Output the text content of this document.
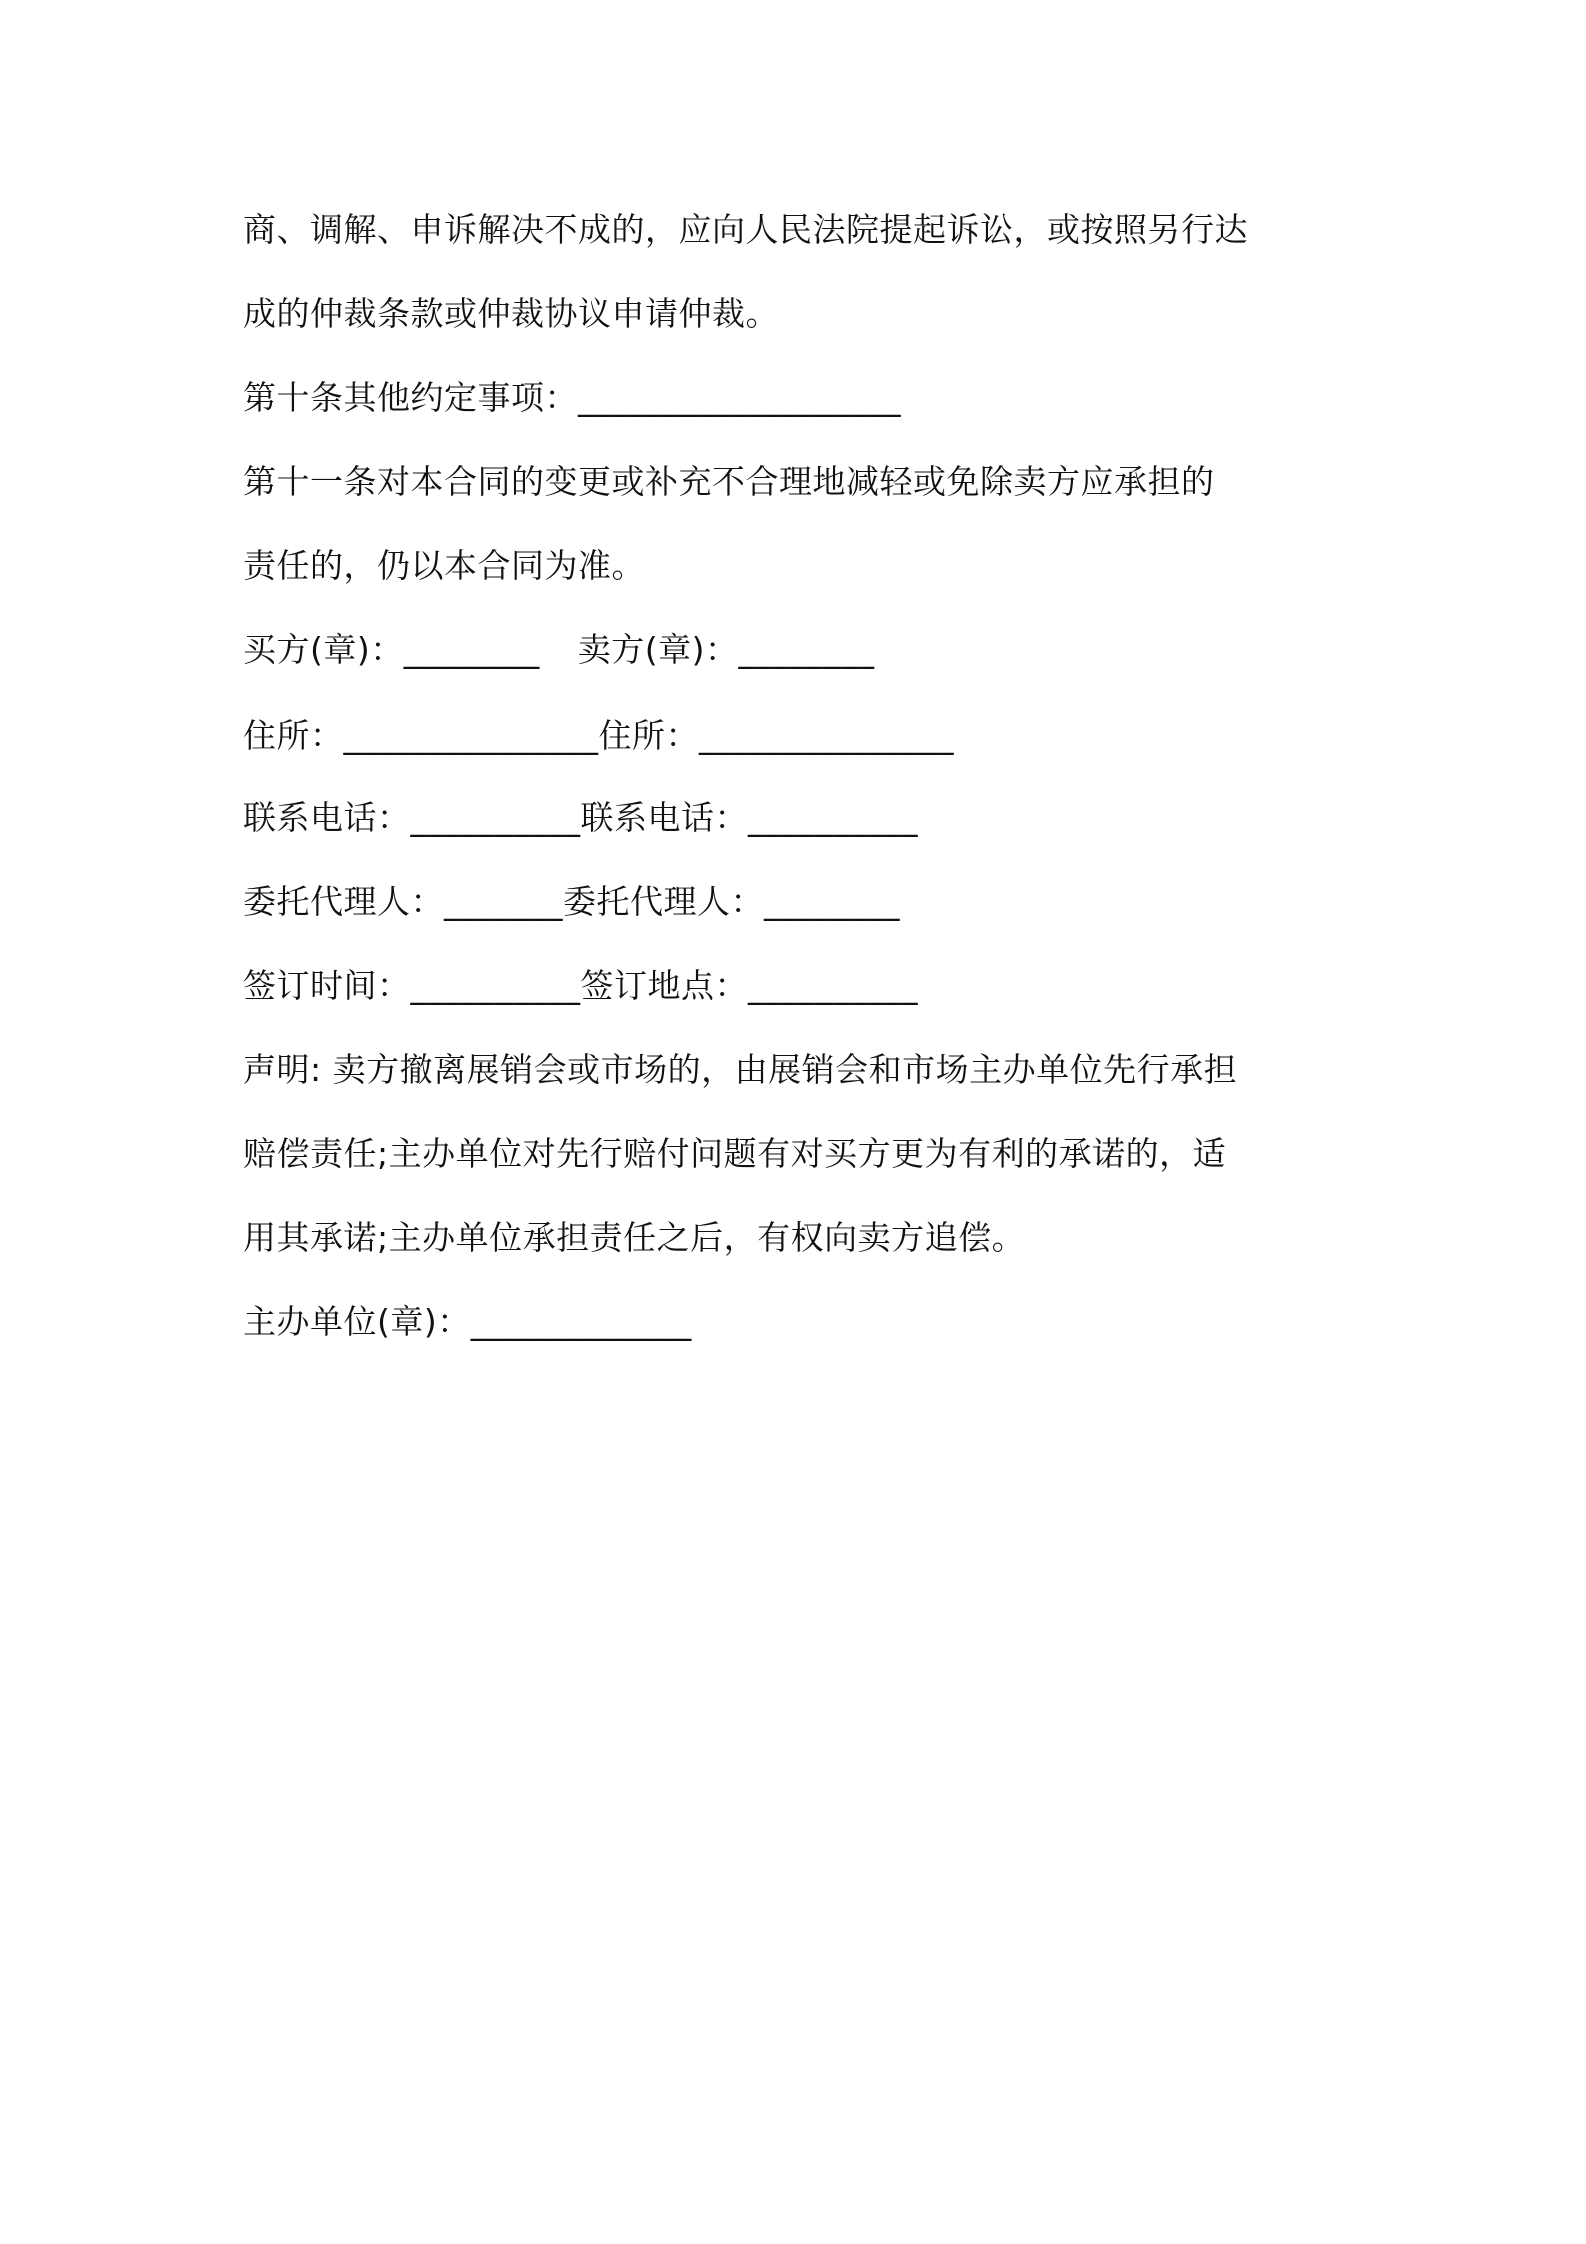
商、调解、申诉解决不成的，应向人民法院提起诉讼，或按照另行达
成的仲裁条款或仲裁协议申请仲裁。
第十条其他约定事项：___________________
第十一条对本合同的变更或补充不合理地减轻或免除卖方应承担的
责任的，仍以本合同为准。
买方(章)：________ 卖方(章)：________
住所：_______________住所：_______________
联系电话：__________联系电话：__________
委托代理人：_______委托代理人：________
签订时间：__________签订地点：__________
声明: 卖方撤离展销会或市场的，由展销会和市场主办单位先行承担
赔偿责任;主办单位对先行赔付问题有对买方更为有利的承诺的，适
用其承诺;主办单位承担责任之后，有权向卖方追偿。
主办单位(章)：_____________
